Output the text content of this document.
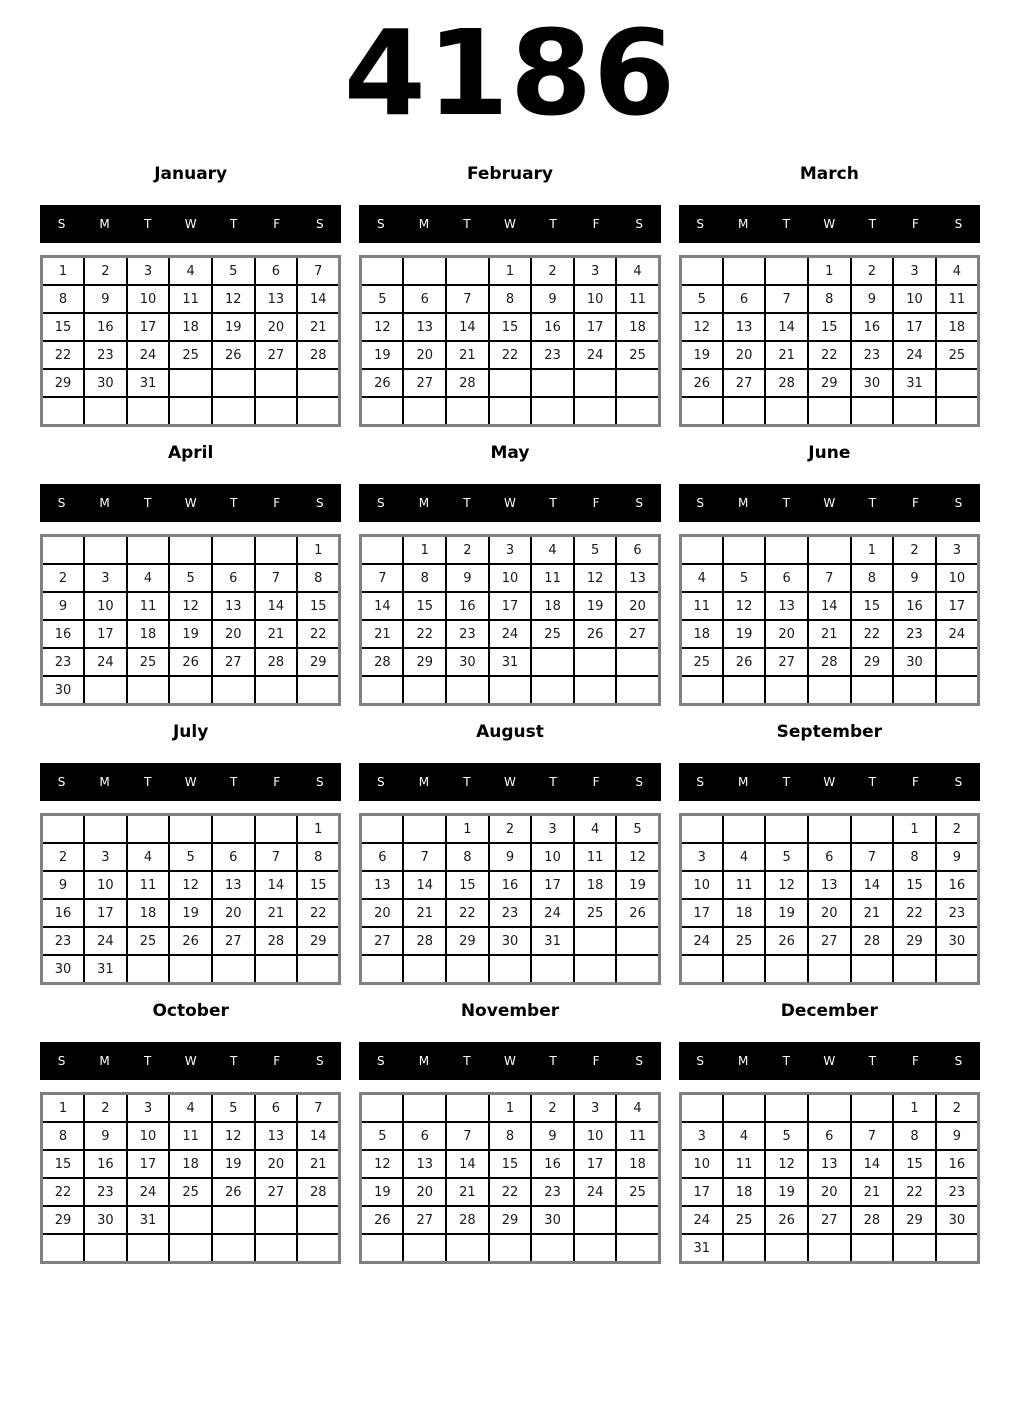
4186
January
S	M	T	W	T	F	S
1	2	3	4	5	6	7
8	9	10	11	12	13	14
15	16	17	18	19	20	21
22	23	24	25	26	27	28
29	30	31				

February
S	M	T	W	T	F	S
			1	2	3	4
5	6	7	8	9	10	11
12	13	14	15	16	17	18
19	20	21	22	23	24	25
26	27	28				

March
S	M	T	W	T	F	S
			1	2	3	4
5	6	7	8	9	10	11
12	13	14	15	16	17	18
19	20	21	22	23	24	25
26	27	28	29	30	31	

April
S	M	T	W	T	F	S
						1
2	3	4	5	6	7	8
9	10	11	12	13	14	15
16	17	18	19	20	21	22
23	24	25	26	27	28	29
30						
May
S	M	T	W	T	F	S
	1	2	3	4	5	6
7	8	9	10	11	12	13
14	15	16	17	18	19	20
21	22	23	24	25	26	27
28	29	30	31			

June
S	M	T	W	T	F	S
				1	2	3
4	5	6	7	8	9	10
11	12	13	14	15	16	17
18	19	20	21	22	23	24
25	26	27	28	29	30	

July
S	M	T	W	T	F	S
						1
2	3	4	5	6	7	8
9	10	11	12	13	14	15
16	17	18	19	20	21	22
23	24	25	26	27	28	29
30	31					
August
S	M	T	W	T	F	S
		1	2	3	4	5
6	7	8	9	10	11	12
13	14	15	16	17	18	19
20	21	22	23	24	25	26
27	28	29	30	31		

September
S	M	T	W	T	F	S
					1	2
3	4	5	6	7	8	9
10	11	12	13	14	15	16
17	18	19	20	21	22	23
24	25	26	27	28	29	30

October
S	M	T	W	T	F	S
1	2	3	4	5	6	7
8	9	10	11	12	13	14
15	16	17	18	19	20	21
22	23	24	25	26	27	28
29	30	31				

November
S	M	T	W	T	F	S
			1	2	3	4
5	6	7	8	9	10	11
12	13	14	15	16	17	18
19	20	21	22	23	24	25
26	27	28	29	30		

December
S	M	T	W	T	F	S
					1	2
3	4	5	6	7	8	9
10	11	12	13	14	15	16
17	18	19	20	21	22	23
24	25	26	27	28	29	30
31						
